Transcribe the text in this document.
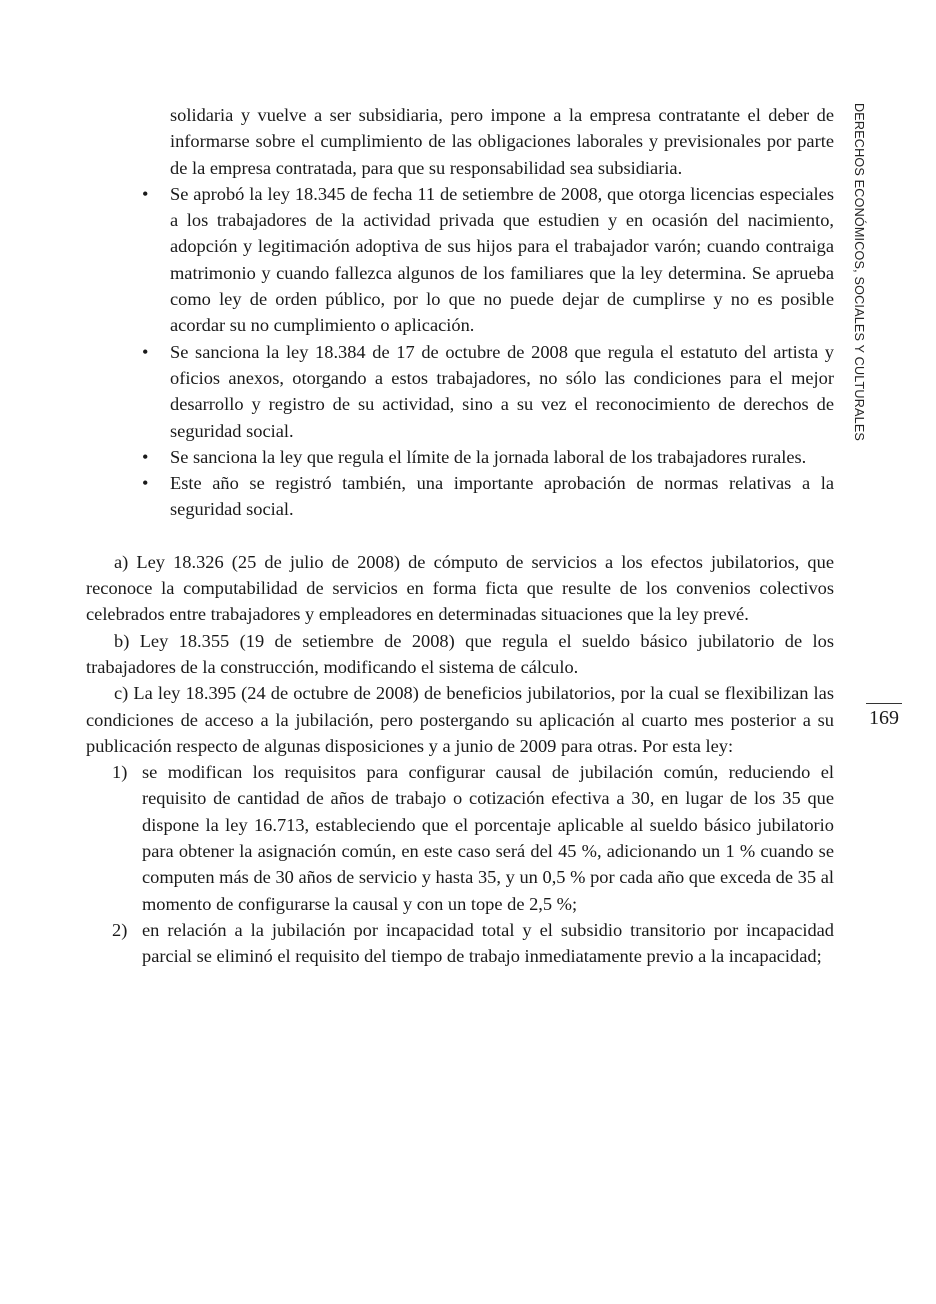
DERECHOS ECONÓMICOS, SOCIALES Y CULTURALES
169

solidaria y vuelve a ser subsidiaria, pero impone a la empresa contratante el deber de informarse sobre el cumplimiento de las obligaciones laborales y previsionales por parte de la empresa contratada, para que su responsabilidad sea subsidiaria.

• Se aprobó la ley 18.345 de fecha 11 de setiembre de 2008, que otorga licencias especiales a los trabajadores de la actividad privada que estudien y en ocasión del nacimiento, adopción y legitimación adoptiva de sus hijos para el trabajador varón; cuando contraiga matrimonio y cuando fallezca algunos de los familiares que la ley determina. Se aprueba como ley de orden público, por lo que no puede dejar de cumplirse y no es posible acordar su no cumplimiento o aplicación.
• Se sanciona la ley 18.384 de 17 de octubre de 2008 que regula el estatuto del artista y oficios anexos, otorgando a estos trabajadores, no sólo las condiciones para el mejor desarrollo y registro de su actividad, sino a su vez el reconocimiento de derechos de seguridad social.
• Se sanciona la ley que regula el límite de la jornada laboral de los trabajadores rurales.
• Este año se registró también, una importante aprobación de normas relativas a la seguridad social.

a) Ley 18.326 (25 de julio de 2008) de cómputo de servicios a los efectos jubilatorios, que reconoce la computabilidad de servicios en forma ficta que resulte de los convenios colectivos celebrados entre trabajadores y empleadores en determinadas situaciones que la ley prevé.

b) Ley 18.355 (19 de setiembre de 2008) que regula el sueldo básico jubilatorio de los trabajadores de la construcción, modificando el sistema de cálculo.

c) La ley 18.395 (24 de octubre de 2008) de beneficios jubilatorios, por la cual se flexibilizan las condiciones de acceso a la jubilación, pero postergando su aplicación al cuarto mes posterior a su publicación respecto de algunas disposiciones y a junio de 2009 para otras. Por esta ley:

1) se modifican los requisitos para configurar causal de jubilación común, reduciendo el requisito de cantidad de años de trabajo o cotización efectiva a 30, en lugar de los 35 que dispone la ley 16.713, estableciendo que el porcentaje aplicable al sueldo básico jubilatorio para obtener la asignación común, en este caso será del 45 %, adicionando un 1 % cuando se computen más de 30 años de servicio y hasta 35, y un 0,5 % por cada año que exceda de 35 al momento de configurarse la causal y con un tope de 2,5 %;
2) en relación a la jubilación por incapacidad total y el subsidio transitorio por incapacidad parcial se eliminó el requisito del tiempo de trabajo inmediatamente previo a la incapacidad;
